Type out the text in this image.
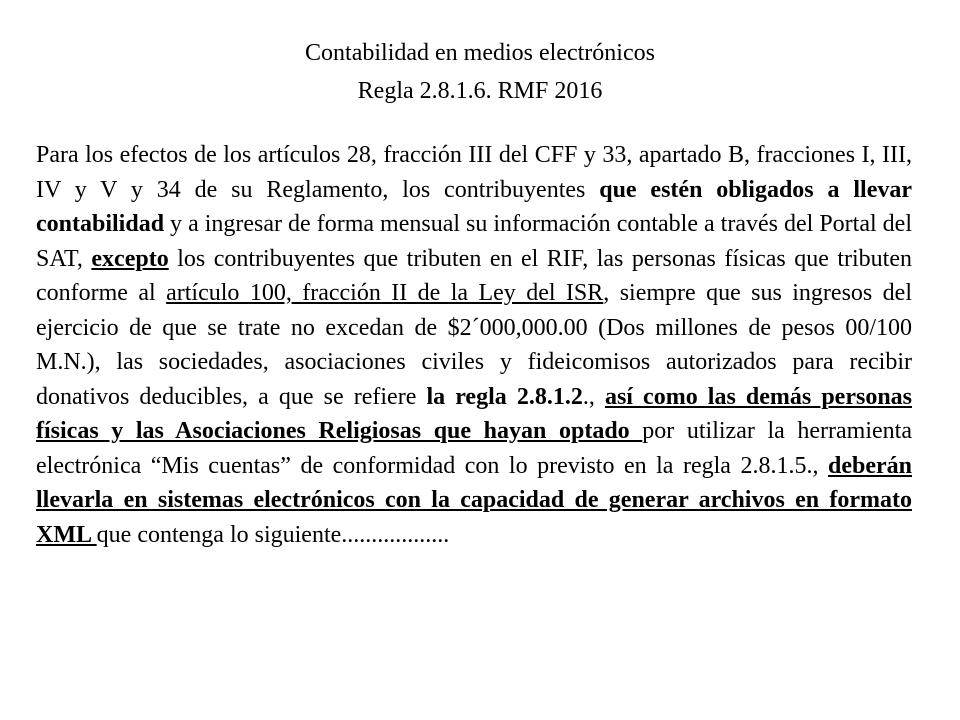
Contabilidad en medios electrónicos
Regla 2.8.1.6. RMF 2016
Para los efectos de los artículos 28, fracción III del CFF y 33, apartado B, fracciones I, III, IV y V y 34 de su Reglamento, los contribuyentes que estén obligados a llevar contabilidad y a ingresar de forma mensual su información contable a través del Portal del SAT, excepto los contribuyentes que tributen en el RIF, las personas físicas que tributen conforme al artículo 100, fracción II de la Ley del ISR, siempre que sus ingresos del ejercicio de que se trate no excedan de $2´000,000.00 (Dos millones de pesos 00/100 M.N.), las sociedades, asociaciones civiles y fideicomisos autorizados para recibir donativos deducibles, a que se refiere la regla 2.8.1.2., así como las demás personas físicas y las Asociaciones Religiosas que hayan optado por utilizar la herramienta electrónica “Mis cuentas” de conformidad con lo previsto en la regla 2.8.1.5., deberán llevarla en sistemas electrónicos con la capacidad de generar archivos en formato XML que contenga lo siguiente..................
